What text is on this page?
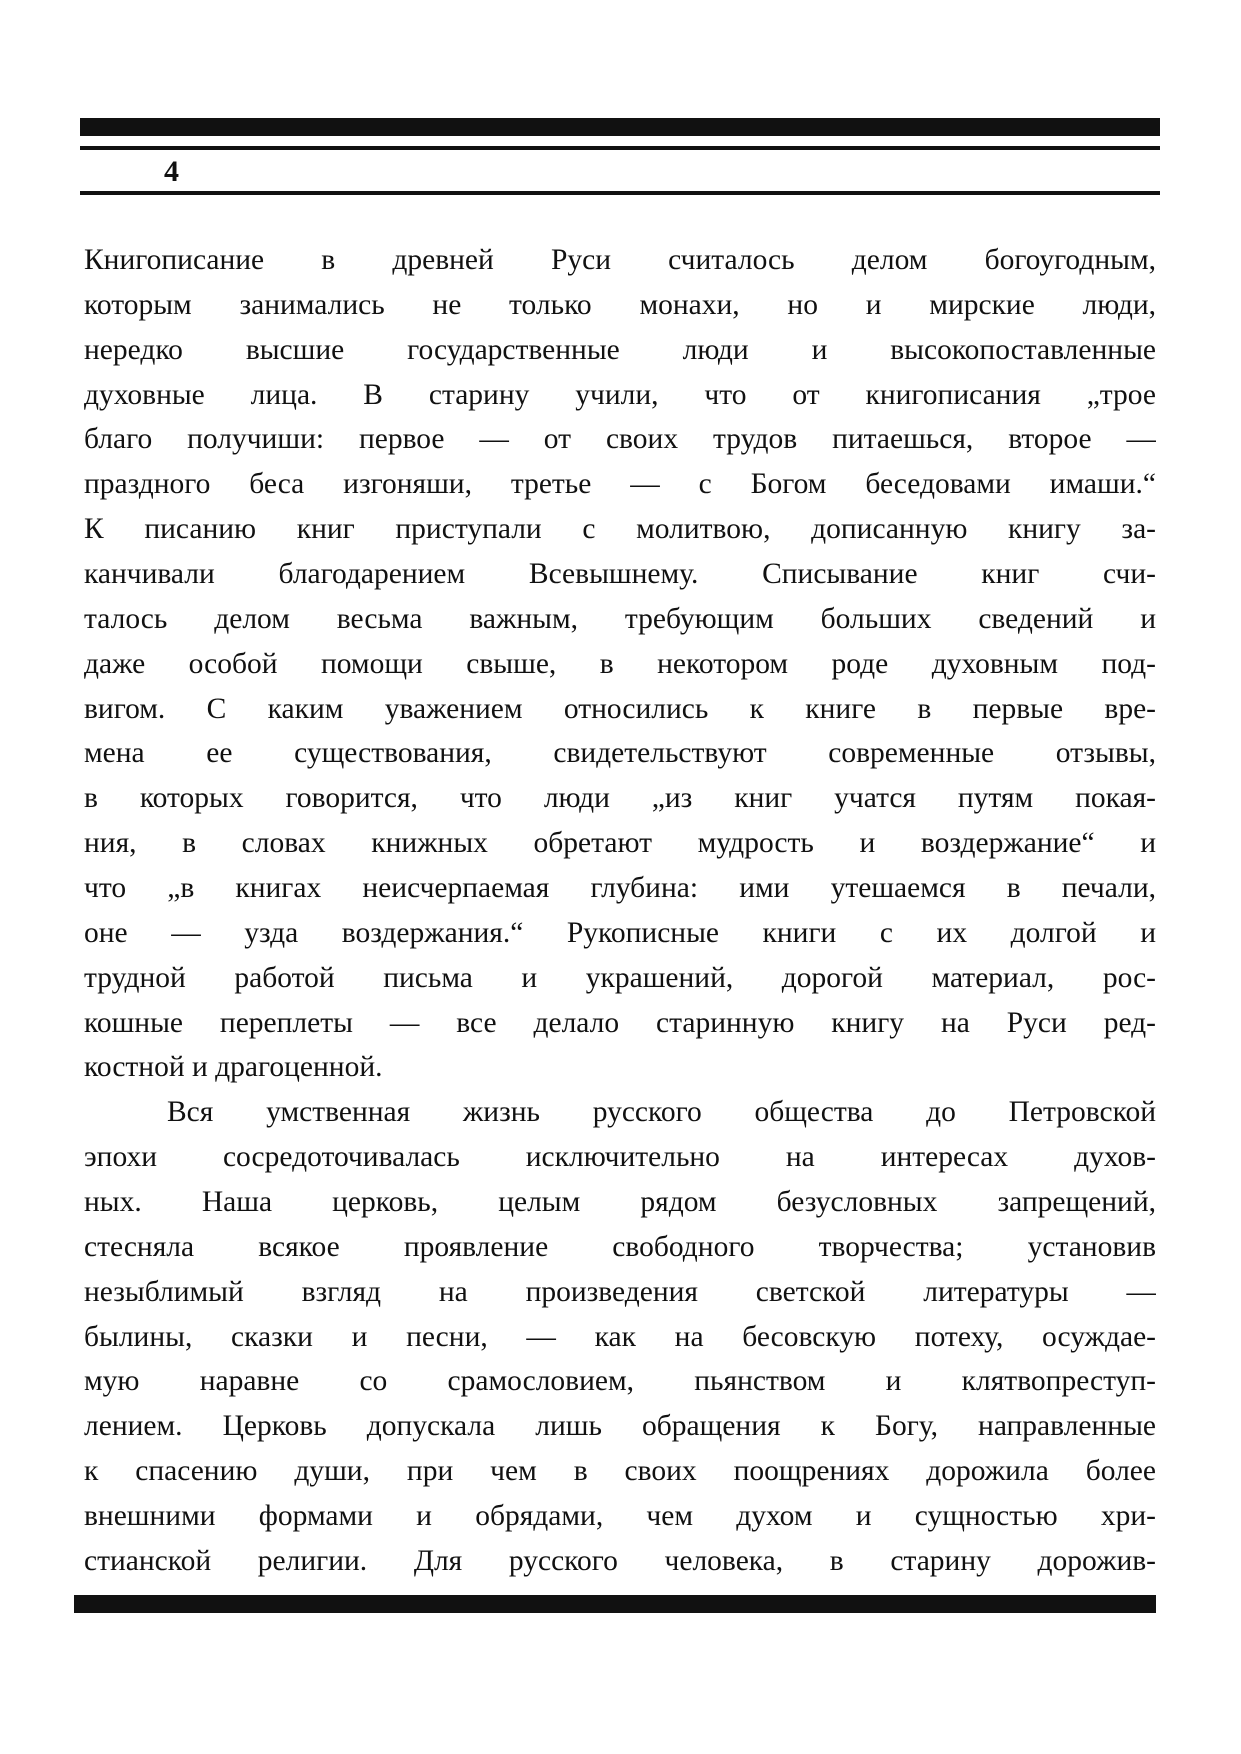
4
Книгописание в древней Руси считалось делом богоугодным,
которым занимались не только монахи, но и мирские люди,
нередко высшие государственные люди и высокопоставленные
духовные лица. В старину учили, что от книгописания „трое
благо получиши: первое — от своих трудов питаешься, второе —
праздного беса изгоняши, третье — с Богом беседовами имаши.“
К писанию книг приступали с молитвою, дописанную книгу за-
канчивали благодарением Всевышнему. Списывание книг счи-
талось делом весьма важным, требующим больших сведений и
даже особой помощи свыше, в некотором роде духовным под-
вигом. С каким уважением относились к книге в первые вре-
мена ее существования, свидетельствуют современные отзывы,
в которых говорится, что люди „из книг учатся путям покая-
ния, в словах книжных обретают мудрость и воздержание“ и
что „в книгах неисчерпаемая глубина: ими утешаемся в печали,
оне — узда воздержания.“ Рукописные книги с их долгой и
трудной работой письма и украшений, дорогой материал, рос-
кошные переплеты — все делало старинную книгу на Руси ред-
костной и драгоценной.
Вся умственная жизнь русского общества до Петровской
эпохи сосредоточивалась исключительно на интересах духов-
ных. Наша церковь, целым рядом безусловных запрещений,
стесняла всякое проявление свободного творчества; установив
незыблимый взгляд на произведения светской литературы —
былины, сказки и песни, — как на бесовскую потеху, осуждае-
мую наравне со срамословием, пьянством и клятвопреступ-
лением. Церковь допускала лишь обращения к Богу, направленные
к спасению души, при чем в своих поощрениях дорожила более
внешними формами и обрядами, чем духом и сущностью хри-
стианской религии. Для русского человека, в старину дорожив-
